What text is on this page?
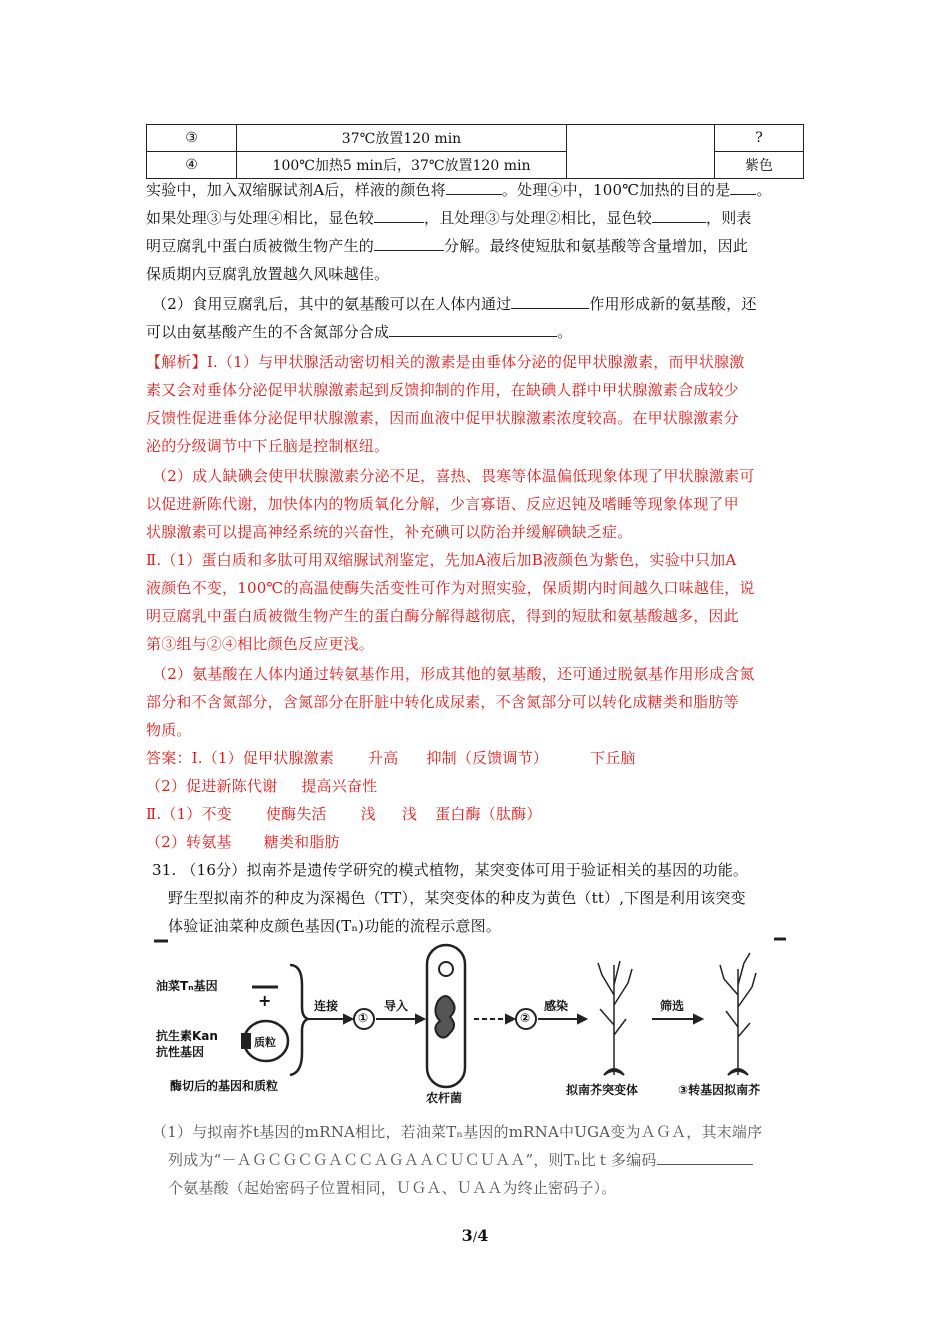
③	37℃放置120 min		?
④	100℃加热5 min后，37℃放置120 min		紫色
实验中，加入双缩脲试剂A后，样液的颜色将	。处理④中，100℃加热的目的是 。
如果处理③与处理④相比，显色较	，且处理③与处理②相比，显色较	，则表
明豆腐乳中蛋白质被微生物产生的	分解。最终使短肽和氨基酸等含量增加，因此
保质期内豆腐乳放置越久风味越佳。
（2）食用豆腐乳后，其中的氨基酸可以在人体内通过	作用形成新的氨基酸，还
可以由氨基酸产生的不含氮部分合成	。
【解析】Ⅰ.（1）与甲状腺活动密切相关的激素是由垂体分泌的促甲状腺激素，而甲状腺激
素又会对垂体分泌促甲状腺激素起到反馈抑制的作用，在缺碘人群中甲状腺激素合成较少
反馈性促进垂体分泌促甲状腺激素，因而血液中促甲状腺激素浓度较高。在甲状腺激素分
泌的分级调节中下丘脑是控制枢纽。
（2）成人缺碘会使甲状腺激素分泌不足，喜热、畏寒等体温偏低现象体现了甲状腺激素可
以促进新陈代谢，加快体内的物质氧化分解，少言寡语、反应迟钝及嗜睡等现象体现了甲
状腺激素可以提高神经系统的兴奋性，补充碘可以防治并缓解碘缺乏症。
Ⅱ.（1）蛋白质和多肽可用双缩脲试剂鉴定，先加A液后加B液颜色为紫色，实验中只加A
液颜色不变，100℃的高温使酶失活变性可作为对照实验，保质期内时间越久口味越佳，说
明豆腐乳中蛋白质被微生物产生的蛋白酶分解得越彻底，得到的短肽和氨基酸越多，因此
第③组与②④相比颜色反应更浅。
（2）氨基酸在人体内通过转氨基作用，形成其他的氨基酸，还可通过脱氨基作用形成含氮
部分和不含氮部分，含氮部分在肝脏中转化成尿素，不含氮部分可以转化成糖类和脂肪等
物质。
答案：Ⅰ.（1）促甲状腺激素 升高 抑制（反馈调节）	下丘脑
（2）促进新陈代谢 提高兴奋性
Ⅱ.（1）不变 使酶失活 浅 浅 蛋白酶（肽酶）
（2）转氨基 糖类和脂肪
31. （16分）拟南芥是遗传学研究的模式植物，某突变体可用于验证相关的基因的功能。
野生型拟南芥的种皮为深褐色（TT），某突变体的种皮为黄色（tt）,下图是利用该突变
体验证油菜种皮颜色基因(Tₙ)功能的流程示意图。
油菜Tₙ基因
+
抗生素Kan
抗性基因
质粒
酶切后的基因和质粒
连接
①
导入
农杆菌
②
感染
拟南芥突变体
筛选
③转基因拟南芥
（1）与拟南芥t基因的mRNA相比，若油菜Tₙ基因的mRNA中UGA变为ＡＧＡ，其末端序
列成为“－ＡＧＣＧＣＧＡＣＣＡＧＡＡＣＵＣＵＡＡ”，则Tₙ比ｔ多编码
个氨基酸（起始密码子位置相同，ＵＧＡ、ＵＡＡ为终止密码子）。
3/4
